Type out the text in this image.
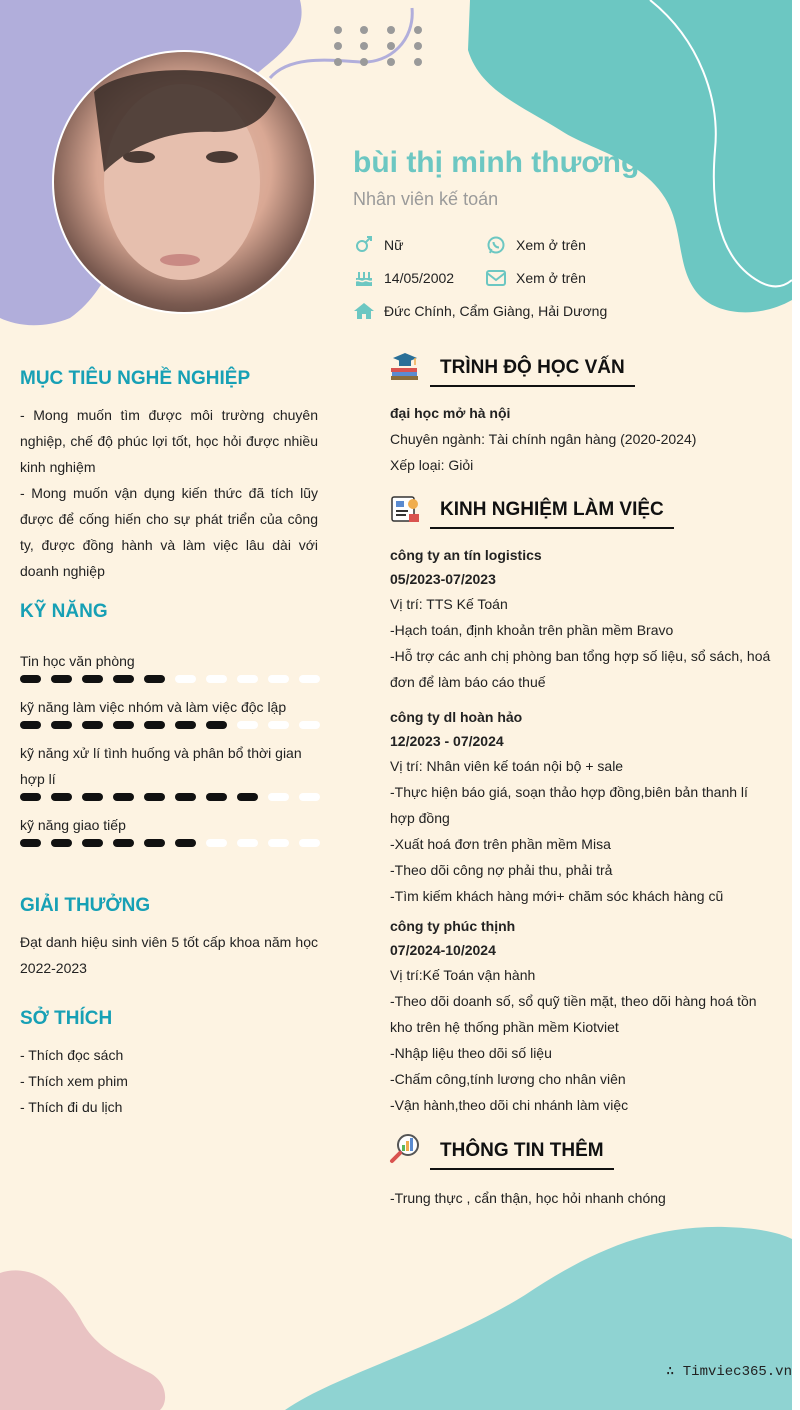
bùi thị minh thương
Nhân viên kế toán
Nữ	Xem ở trên
14/05/2002	Xem ở trên
Đức Chính, Cẩm Giàng, Hải Dương
MỤC TIÊU NGHỀ NGHIỆP

- Mong muốn tìm được môi trường chuyên nghiệp, chế độ phúc lợi tốt, học hỏi được nhiều kinh nghiệm

- Mong muốn vận dụng kiến thức đã tích lũy được để cống hiến cho sự phát triển của công ty, được đồng hành và làm việc lâu dài với doanh nghiệp

KỸ NĂNG
Tin học văn phòng
kỹ năng làm việc nhóm và làm việc độc lập
kỹ năng xử lí tình huống và phân bổ thời gian hợp lí
kỹ năng giao tiếp
GIẢI THƯỞNG
Đạt danh hiệu sinh viên 5 tốt cấp khoa năm học 2022-2023
SỞ THÍCH

- Thích đọc sách

- Thích xem phim

- Thích đi du lịch

TRÌNH ĐỘ HỌC VẤN
đại học mở hà nội
Chuyên ngành: Tài chính ngân hàng (2020-2024)
Xếp loại: Giỏi
KINH NGHIỆM LÀM VIỆC
công ty an tín logistics
05/2023-07/2023
Vị trí: TTS Kế Toán
-Hạch toán, định khoản trên phần mềm Bravo
-Hỗ trợ các anh chị phòng ban tổng hợp số liệu, sổ sách, hoá đơn để làm báo cáo thuế
công ty dl hoàn hảo
12/2023 - 07/2024
Vị trí: Nhân viên kế toán nội bộ + sale
-Thực hiện báo giá, soạn thảo hợp đồng,biên bản thanh lí hợp đồng
-Xuất hoá đơn trên phần mềm Misa
-Theo dõi công nợ phải thu, phải trả
-Tìm kiếm khách hàng mới+ chăm sóc khách hàng cũ
công ty phúc thịnh
07/2024-10/2024
Vị trí:Kế Toán vận hành
-Theo dõi doanh số, sổ quỹ tiền mặt, theo dõi hàng hoá tồn kho trên hệ thống phần mềm Kiotviet
-Nhập liệu theo dõi số liệu
-Chấm công,tính lương cho nhân viên
-Vận hành,theo dõi chi nhánh làm việc
THÔNG TIN THÊM
-Trung thực , cẩn thận, học hỏi nhanh chóng
∴ Timviec365.vn
